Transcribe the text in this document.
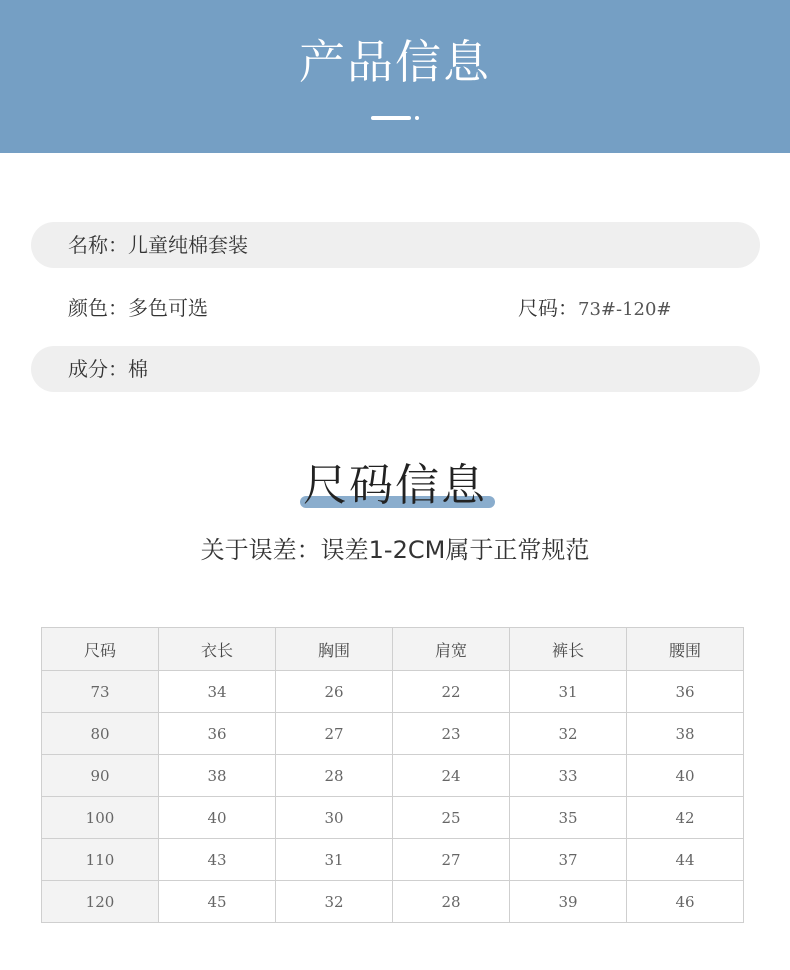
产品信息
名称：儿童纯棉套装
颜色：多色可选	尺码：73#-120#
成分：棉
尺码信息
关于误差：误差1-2CM属于正常规范
尺码	衣长	胸围	肩宽	裤长	腰围
73	34	26	22	31	36
80	36	27	23	32	38
90	38	28	24	33	40
100	40	30	25	35	42
110	43	31	27	37	44
120	45	32	28	39	46
